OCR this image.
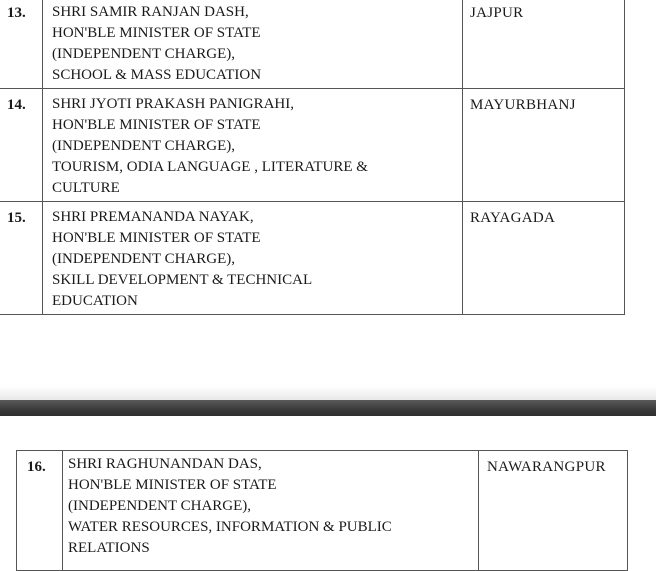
13.	SHRI SAMIR RANJAN DASH,
HON'BLE MINISTER OF STATE
(INDEPENDENT CHARGE),
SCHOOL & MASS EDUCATION	JAJPUR
14.	SHRI JYOTI PRAKASH PANIGRAHI,
HON'BLE MINISTER OF STATE
(INDEPENDENT CHARGE),
TOURISM, ODIA LANGUAGE , LITERATURE &
CULTURE	MAYURBHANJ
15.	SHRI PREMANANDA NAYAK,
HON'BLE MINISTER OF STATE
(INDEPENDENT CHARGE),
SKILL DEVELOPMENT & TECHNICAL
EDUCATION	RAYAGADA
16.	SHRI RAGHUNANDAN DAS,
HON'BLE MINISTER OF STATE
(INDEPENDENT CHARGE),
WATER RESOURCES, INFORMATION & PUBLIC
RELATIONS
	NAWARANGPUR
